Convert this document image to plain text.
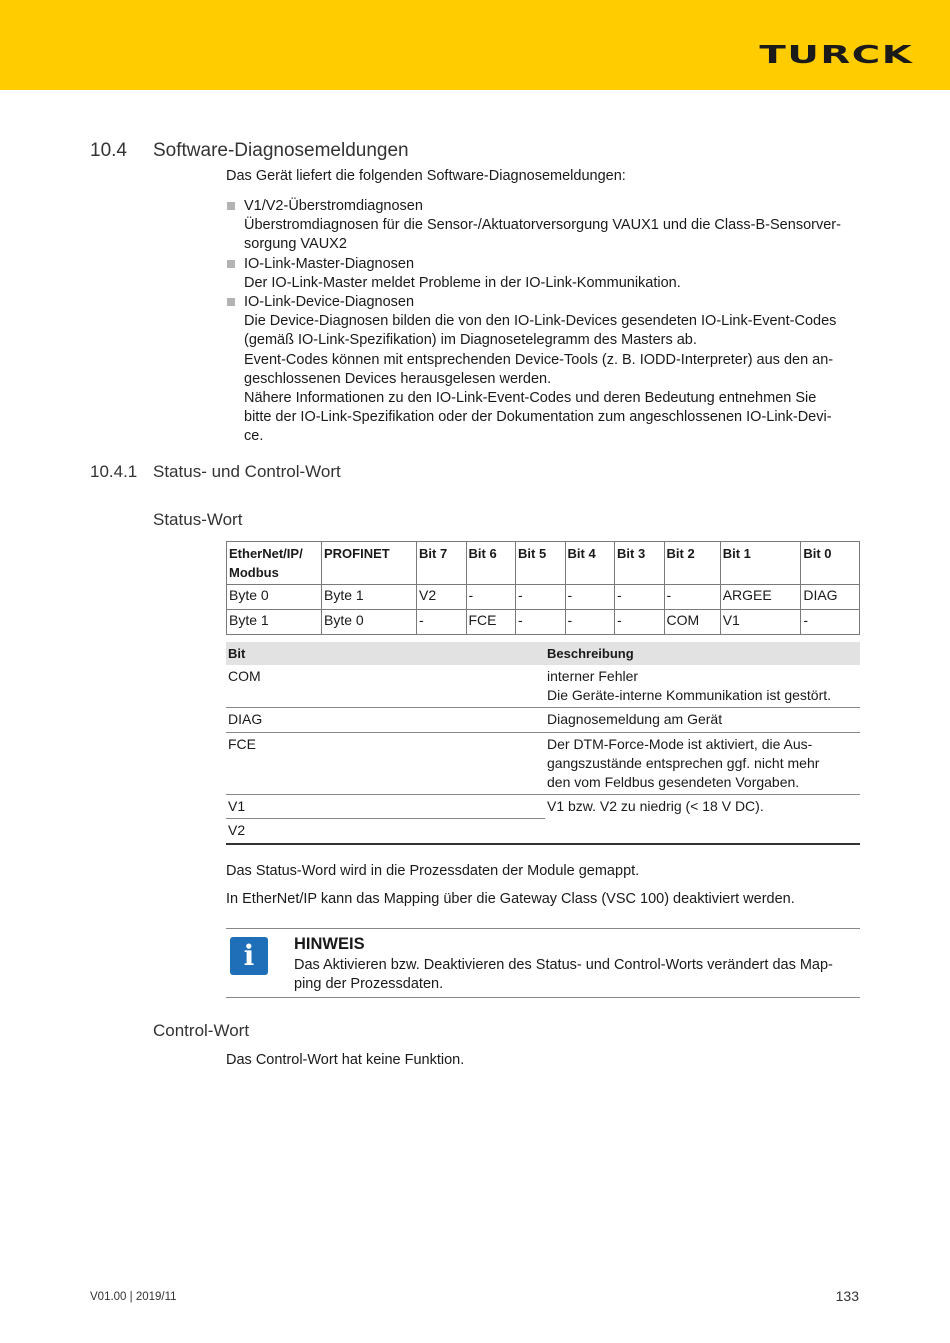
TURCK
10.4 Software-Diagnosemeldungen
Das Gerät liefert die folgenden Software-Diagnosemeldungen:
V1/V2-Überstromdiagnosen
Überstromdiagnosen für die Sensor-/Aktuatorversorgung VAUX1 und die Class-B-Sensorver-
sorgung VAUX2
IO-Link-Master-Diagnosen
Der IO-Link-Master meldet Probleme in der IO-Link-Kommunikation.
IO-Link-Device-Diagnosen
Die Device-Diagnosen bilden die von den IO-Link-Devices gesendeten IO-Link-Event-Codes
(gemäß IO-Link-Spezifikation) im Diagnosetelegramm des Masters ab.
Event-Codes können mit entsprechenden Device-Tools (z. B. IODD-Interpreter) aus den an-
geschlossenen Devices herausgelesen werden.
Nähere Informationen zu den IO-Link-Event-Codes und deren Bedeutung entnehmen Sie
bitte der IO-Link-Spezifikation oder der Dokumentation zum angeschlossenen IO-Link-Devi-
ce.
10.4.1 Status- und Control-Wort
Status-Wort
EtherNet/IP/ Modbus	PROFINET	Bit 7	Bit 6	Bit 5	Bit 4	Bit 3	Bit 2	Bit 1	Bit 0
Byte 0	Byte 1	V2	-	-	-	-	-	ARGEE	DIAG
Byte 1	Byte 0	-	FCE	-	-	-	COM	V1	-
Bit	Beschreibung
COM	interner Fehler
Die Geräte-interne Kommunikation ist gestört.

DIAG	Diagnosemeldung am Gerät

FCE	Der DTM-Force-Mode ist aktiviert, die Aus-
gangszustände entsprechen ggf. nicht mehr
den vom Feldbus gesendeten Vorgaben.

V1	V1 bzw. V2 zu niedrig (< 18 V DC).

V2	
Das Status-Word wird in die Prozessdaten der Module gemappt.
In EtherNet/IP kann das Mapping über die Gateway Class (VSC 100) deaktiviert werden.
i	HINWEIS
Das Aktivieren bzw. Deaktivieren des Status- und Control-Worts verändert das Map-
ping der Prozessdaten.
Control-Wort
Das Control-Wort hat keine Funktion.
V01.00 | 2019/11	133
